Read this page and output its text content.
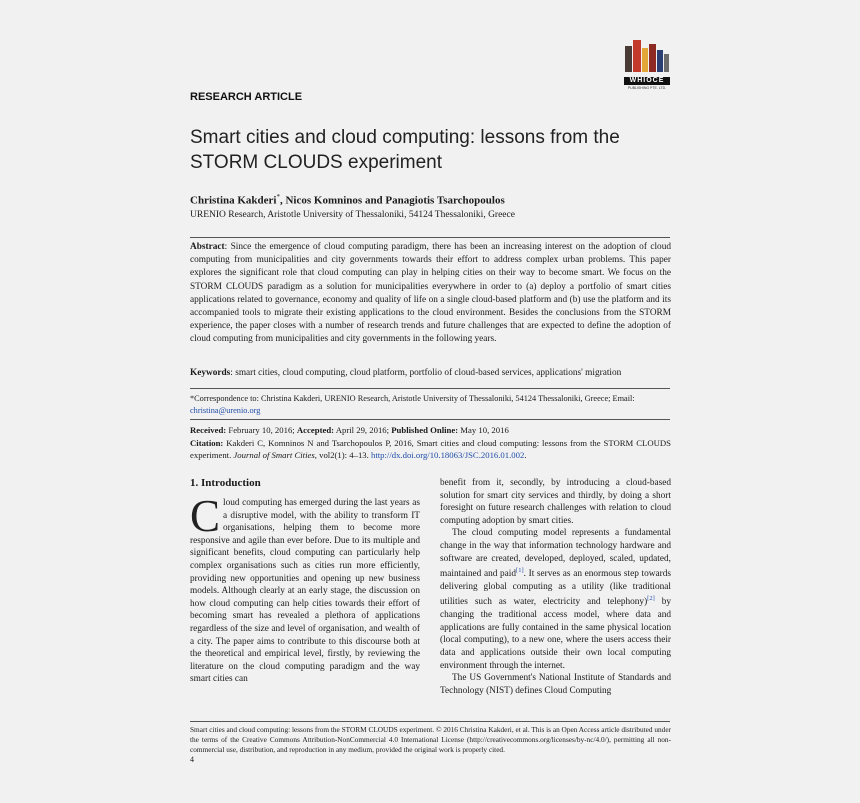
WHIOCE
PUBLISHING PTE. LTD.
RESEARCH ARTICLE
Smart cities and cloud computing: lessons from the STORM CLOUDS experiment
Christina Kakderi*, Nicos Komninos and Panagiotis Tsarchopoulos
URENIO Research, Aristotle University of Thessaloniki, 54124 Thessaloniki, Greece
Abstract: Since the emergence of cloud computing paradigm, there has been an increasing interest on the adoption of cloud computing from municipalities and city governments towards their effort to address complex urban problems. This paper explores the significant role that cloud computing can play in helping cities on their way to become smart. We focus on the STORM CLOUDS paradigm as a solution for municipalities everywhere in order to (a) deploy a portfolio of smart cities applications related to governance, economy and quality of life on a single cloud-based platform and (b) use the platform and its accompanied tools to migrate their existing applications to the cloud environment. Besides the conclusions from the STORM experience, the paper closes with a number of research trends and future challenges that are expected to define the adoption of cloud computing from municipalities and city governments in the following years.
Keywords: smart cities, cloud computing, cloud platform, portfolio of cloud-based services, applications' migration
*Correspondence to: Christina Kakderi, URENIO Research, Aristotle University of Thessaloniki, 54124 Thessaloniki, Greece; Email:
christina@urenio.org
Received: February 10, 2016; Accepted: April 29, 2016; Published Online: May 10, 2016
Citation: Kakderi C, Komninos N and Tsarchopoulos P, 2016, Smart cities and cloud computing: lessons from the STORM CLOUDS experiment. Journal of Smart Cities, vol2(1): 4–13. http://dx.doi.org/10.18063/JSC.2016.01.002.
1. Introduction
Cloud computing has emerged during the last years as a disruptive model, with the ability to transform IT organisations, helping them to become more responsive and agile than ever before. Due to its multiple and significant benefits, cloud computing can particularly help complex organisations such as cities run more efficiently, providing new opportunities and opening up new business models. Although clearly at an early stage, the discussion on how cloud computing can help cities towards their effort of becoming smart has revealed a plethora of applications regardless of the size and level of organisation, and wealth of a city. The paper aims to contribute to this discourse both at the theoretical and empirical level, firstly, by reviewing the literature on the cloud computing paradigm and the way smart cities can

benefit from it, secondly, by introducing a cloud-based solution for smart city services and thirdly, by doing a short foresight on future research challenges with relation to cloud computing adoption by smart cities.

The cloud computing model represents a fundamental change in the way that information technology hardware and software are created, developed, deployed, scaled, updated, maintained and paid[1]. It serves as an enormous step towards delivering global computing as a utility (like traditional utilities such as water, electricity and telephony)[2] by changing the traditional access model, where data and applications are fully contained in the same physical location (local computing), to a new one, where the users access their data and applications outside their own local computing environment through the internet.

The US Government's National Institute of Standards and Technology (NIST) defines Cloud Computing

Smart cities and cloud computing: lessons from the STORM CLOUDS experiment. © 2016 Christina Kakderi, et al. This is an Open Access article distributed under the terms of the Creative Commons Attribution-NonCommercial 4.0 International License (http://creativecommons.org/licenses/by-nc/4.0/), permitting all non-commercial use, distribution, and reproduction in any medium, provided the original work is properly cited.
4
